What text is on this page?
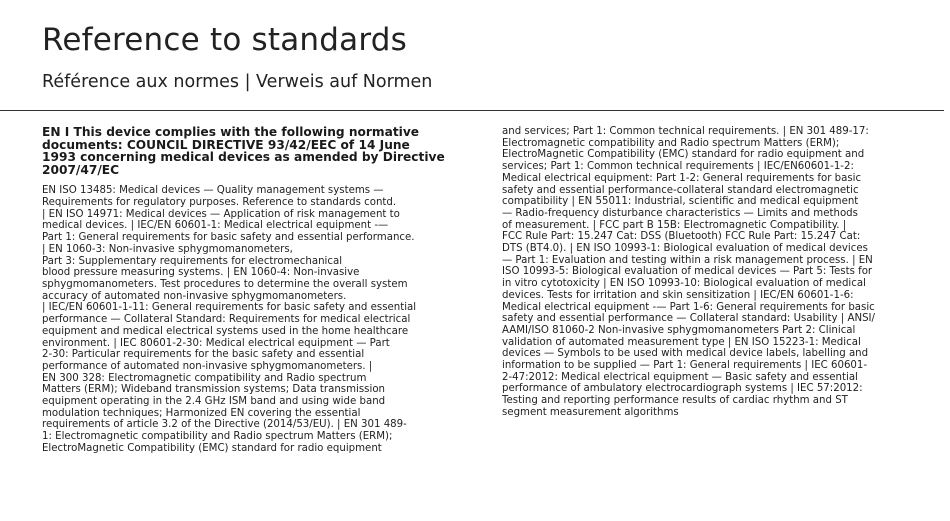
Reference to standards
Référence aux normes | Verweis auf Normen

EN I This device complies with the following normative
documents: COUNCIL DIRECTIVE 93/42/EEC of 14 June
1993 concerning medical devices as amended by Directive
2007/47/EC

EN ISO 13485: Medical devices — Quality management systems —
Requirements for regulatory purposes. Reference to standards contd.
| EN ISO 14971: Medical devices — Application of risk management to
medical devices. | IEC/EN 60601-1: Medical electrical equipment -—
Part 1: General requirements for basic safety and essential performance.
| EN 1060-3: Non-invasive sphygmomanometers,
Part 3: Supplementary requirements for electromechanical
blood pressure measuring systems. | EN 1060-4: Non-invasive
sphygmomanometers. Test procedures to determine the overall system
accuracy of automated non-invasive sphygmomanometers.
| IEC/EN 60601-1-11: General requirements for basic safety and essential
performance — Collateral Standard: Requirements for medical electrical
equipment and medical electrical systems used in the home healthcare
environment. | IEC 80601-2-30: Medical electrical equipment — Part
2-30: Particular requirements for the basic safety and essential
performance of automated non-invasive sphygmomanometers. |
EN 300 328: Electromagnetic compatibility and Radio spectrum
Matters (ERM); Wideband transmission systems; Data transmission
equipment operating in the 2.4 GHz ISM band and using wide band
modulation techniques; Harmonized EN covering the essential
requirements of article 3.2 of the Directive (2014/53/EU). | EN 301 489-
1: Electromagnetic compatibility and Radio spectrum Matters (ERM);
ElectroMagnetic Compatibility (EMC) standard for radio equipment

and services; Part 1: Common technical requirements. | EN 301 489-17:
Electromagnetic compatibility and Radio spectrum Matters (ERM);
ElectroMagnetic Compatibility (EMC) standard for radio equipment and
services; Part 1: Common technical requirements | IEC/EN60601-1-2:
Medical electrical equipment: Part 1-2: General requirements for basic
safety and essential performance-collateral standard electromagnetic
compatibility | EN 55011: Industrial, scientific and medical equipment
— Radio-frequency disturbance characteristics — Limits and methods
of measurement. | FCC part B 15B: Electromagnetic Compatibility. |
FCC Rule Part: 15.247 Cat: DSS (Bluetooth) FCC Rule Part: 15.247 Cat:
DTS (BT4.0). | EN ISO 10993-1: Biological evaluation of medical devices
— Part 1: Evaluation and testing within a risk management process. | EN
ISO 10993-5: Biological evaluation of medical devices — Part 5: Tests for
in vitro cytotoxicity | EN ISO 10993-10: Biological evaluation of medical
devices. Tests for irritation and skin sensitization | IEC/EN 60601-1-6:
Medical electrical equipment -— Part 1-6: General requirements for basic
safety and essential performance — Collateral standard: Usability | ANSI/
AAMI/ISO 81060-2 Non-invasive sphygmomanometers Part 2: Clinical
validation of automated measurement type | EN ISO 15223-1: Medical
devices — Symbols to be used with medical device labels, labelling and
information to be supplied — Part 1: General requirements | IEC 60601-
2-47:2012: Medical electrical equipment — Basic safety and essential
performance of ambulatory electrocardiograph systems | IEC 57:2012:
Testing and reporting performance results of cardiac rhythm and ST
segment measurement algorithms
